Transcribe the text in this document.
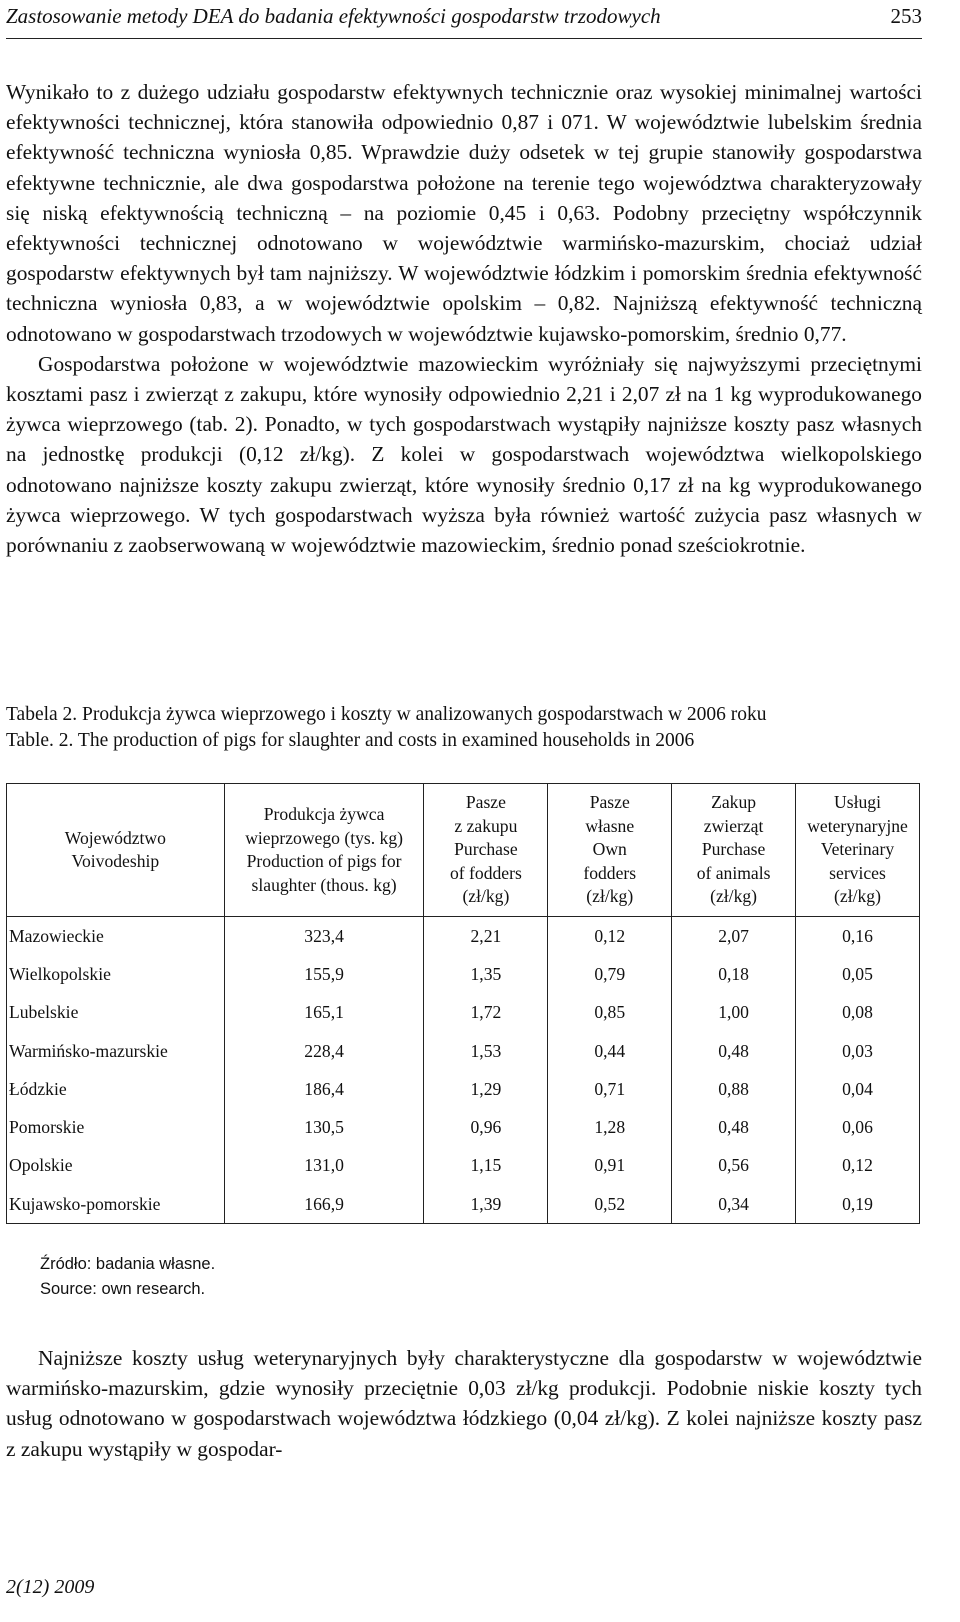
Zastosowanie metody DEA do badania efektywności gospodarstw trzodowych	253

Wynikało to z dużego udziału gospodarstw efektywnych technicznie oraz wysokiej minimalnej wartości efektywności technicznej, która stanowiła odpowiednio 0,87 i 071. W województwie lubelskim średnia efektywność techniczna wyniosła 0,85. Wprawdzie duży odsetek w tej grupie stanowiły gospodarstwa efektywne technicznie, ale dwa gospodarstwa położone na terenie tego województwa charakteryzowały się niską efektywnością techniczną – na poziomie 0,45 i 0,63. Podobny przeciętny współczynnik efektywności technicznej odnotowano w województwie warmińsko-mazurskim, chociaż udział gospodarstw efektywnych był tam najniższy. W województwie łódzkim i pomorskim średnia efektywność techniczna wyniosła 0,83, a w województwie opolskim – 0,82. Najniższą efektywność techniczną odnotowano w gospodarstwach trzodowych w województwie kujawsko-pomorskim, średnio 0,77.

Gospodarstwa położone w województwie mazowieckim wyróżniały się najwyższymi przeciętnymi kosztami pasz i zwierząt z zakupu, które wynosiły odpowiednio 2,21 i 2,07 zł na 1 kg wyprodukowanego żywca wieprzowego (tab. 2). Ponadto, w tych gospodarstwach wystąpiły najniższe koszty pasz własnych na jednostkę produkcji (0,12 zł/kg). Z kolei w gospodarstwach województwa wielkopolskiego odnotowano najniższe koszty zakupu zwierząt, które wynosiły średnio 0,17 zł na kg wyprodukowanego żywca wieprzowego. W tych gospodarstwach wyższa była również wartość zużycia pasz własnych w porównaniu z zaobserwowaną w województwie mazowieckim, średnio ponad sześciokrotnie.

Tabela 2. Produkcja żywca wieprzowego i koszty w analizowanych gospodarstwach w 2006 roku
Table. 2. The production of pigs for slaughter and costs in examined households in 2006
Województwo
Voivodeship	Produkcja żywca
wieprzowego (tys. kg)
Production of pigs for
slaughter (thous. kg)	Pasze
z zakupu
Purchase
of fodders
(zł/kg)	Pasze
własne
Own
fodders
(zł/kg)	Zakup
zwierząt
Purchase
of animals
(zł/kg)	Usługi
weterynaryjne
Veterinary
services
(zł/kg)

Mazowieckie	323,4	2,21	0,12	2,07	0,16
Wielkopolskie	155,9	1,35	0,79	0,18	0,05
Lubelskie	165,1	1,72	0,85	1,00	0,08
Warmińsko-mazurskie	228,4	1,53	0,44	0,48	0,03
Łódzkie	186,4	1,29	0,71	0,88	0,04
Pomorskie	130,5	0,96	1,28	0,48	0,06
Opolskie	131,0	1,15	0,91	0,56	0,12
Kujawsko-pomorskie	166,9	1,39	0,52	0,34	0,19
Źródło: badania własne.
Source: own research.

Najniższe koszty usług weterynaryjnych były charakterystyczne dla gospodarstw w województwie warmińsko-mazurskim, gdzie wynosiły przeciętnie 0,03 zł/kg produkcji. Podobnie niskie koszty tych usług odnotowano w gospodarstwach województwa łódzkiego (0,04 zł/kg). Z kolei najniższe koszty pasz z zakupu wystąpiły w gospodar-

2(12) 2009
